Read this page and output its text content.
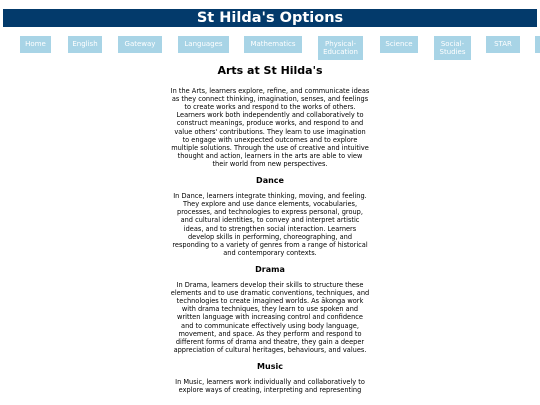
St Hilda's Options
Home	English	Gateway	Languages	Mathematics	Physical-Education
Science	Social-Studies
STAR
Arts at St Hilda's

In the Arts, learners explore, refine, and communicate ideas as they connect thinking, imagination, senses, and feelings to create works and respond to the works of others. Learners work both independently and collaboratively to construct meanings, produce works, and respond to and value others' contributions. They learn to use imagination to engage with unexpected outcomes and to explore multiple solutions. Through the use of creative and intuitive thought and action, learners in the arts are able to view their world from new perspectives.

Dance

In Dance, learners integrate thinking, moving, and feeling. They explore and use dance elements, vocabularies, processes, and technologies to express personal, group, and cultural identities, to convey and interpret artistic ideas, and to strengthen social interaction. Learners develop skills in performing, choreographing, and responding to a variety of genres from a range of historical and contemporary contexts.

Drama

In Drama, learners develop their skills to structure these elements and to use dramatic conventions, techniques, and technologies to create imagined worlds. As ākonga work with drama techniques, they learn to use spoken and written language with increasing control and confidence and to communicate effectively using body language, movement, and space. As they perform and respond to different forms of drama and theatre, they gain a deeper appreciation of cultural heritages, behaviours, and values.

Music

In Music, learners work individually and collaboratively to explore ways of creating, interpreting and representing
